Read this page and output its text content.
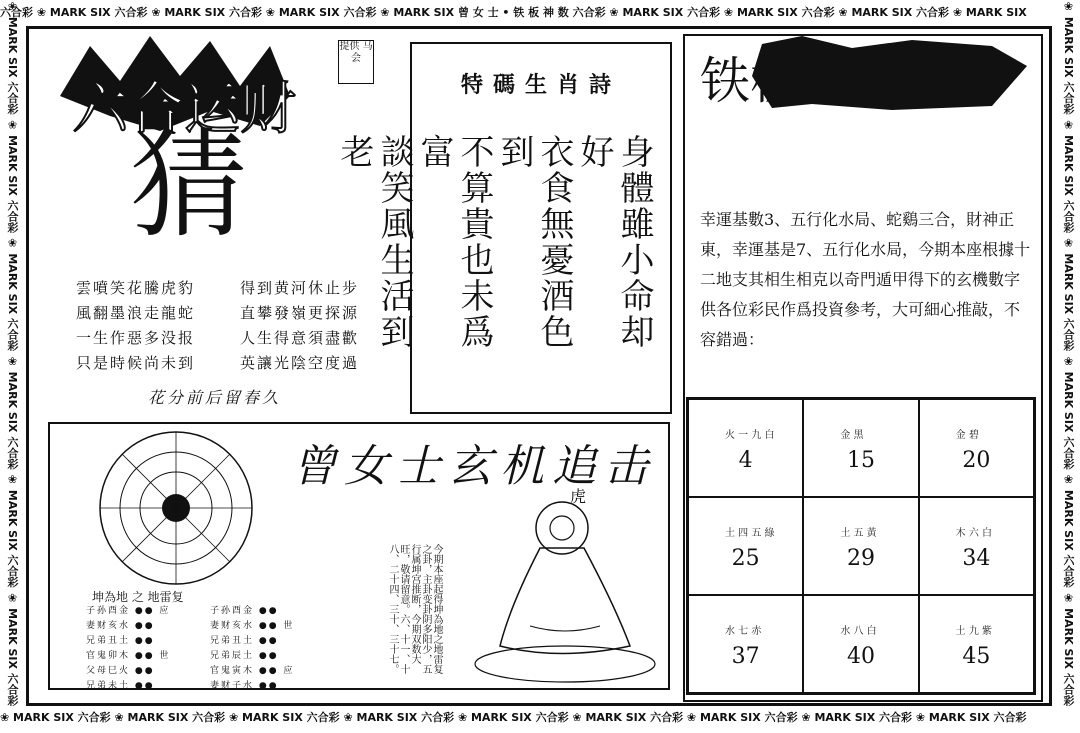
六合彩 ❀ MARK SIX 六合彩 ❀ MARK SIX 六合彩 ❀ MARK SIX 六合彩 ❀ MARK SIX 曾 女 士 • 铁 板 神 数 六合彩 ❀ MARK SIX 六合彩 ❀ MARK SIX 六合彩 ❀ MARK SIX 六合彩 ❀ MARK SIX
❀ MARK SIX 六合彩 ❀ MARK SIX 六合彩 ❀ MARK SIX 六合彩 ❀ MARK SIX 六合彩 ❀ MARK SIX 六合彩 ❀ MARK SIX 六合彩 ❀ MARK SIX 六合彩 ❀ MARK SIX 六合彩 ❀ MARK SIX 六合彩
❀ MARK SIX 六合彩 ❀ MARK SIX 六合彩 ❀ MARK SIX 六合彩 ❀ MARK SIX 六合彩 ❀ MARK SIX 六合彩 ❀ MARK SIX 六合彩	❀ MARK SIX 六合彩 ❀ MARK SIX 六合彩 ❀ MARK SIX 六合彩 ❀ MARK SIX 六合彩 ❀ MARK SIX 六合彩 ❀ MARK SIX 六合彩
六合运财
提供 马会
猜
雲噴笑花騰虎豹
風翻墨浪走龍蛇
一生作惡多没报
只是時候尚未到
得到黄河休止步
直攀發嶺更探源
人生得意須盡歡
英讓光陰空度過
花分前后留春久
特碼生肖詩
身體雖小命却好
衣食無憂酒色到
不算貴也未爲富
談笑風生活到老
铁板九宫
幸運基數3、五行化水局、蛇鷄三合，財神正東，幸運基是7、五行化水局，今期本座根據十二地支其相生相克以奇門遁甲得下的玄機數字供各位彩民作爲投資參考，大可細心推敲，不容錯過：
火 一 九 白
4
金 黑
15
金 碧
20
土 四 五 綠
25
土 五 黃
29
木 六 白
34
水 七 赤
37
水 八 白
40
土 九 紫
45
曾女士玄机追击
坤為地 之 地雷复
子孙酉金 ●● 应
妻财亥水 ●●
兄弟丑土 ●●
官鬼卯木 ●● 世
父母巳火 ●●
兄弟未土 ●●
子孙酉金 ●●
妻财亥水 ●● 世
兄弟丑土 ●●
兄弟辰土 ●●
官鬼寅木 ●● 应
妻财子水 ●●
今期本座起得坤為地之地雷复之卦，主卦变卦阴多阳少，五行属坤宫推断，今期双数大旺，敬请留意。六、十一、十八、二十四、三十、三十七。
虎
